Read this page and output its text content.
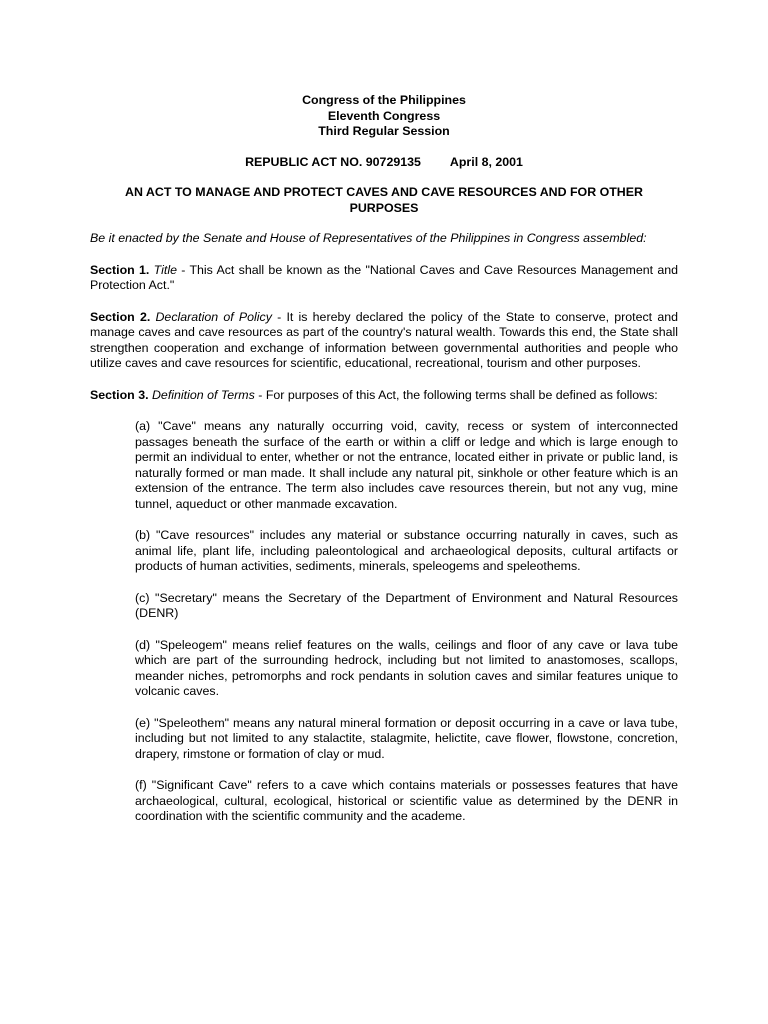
Congress of the Philippines
Eleventh Congress
Third Regular Session
REPUBLIC ACT NO. 90729135 April 8, 2001
AN ACT TO MANAGE AND PROTECT CAVES AND CAVE RESOURCES AND FOR OTHER PURPOSES
Be it enacted by the Senate and House of Representatives of the Philippines in Congress assembled:

Section 1. Title - This Act shall be known as the "National Caves and Cave Resources Management and Protection Act."

Section 2. Declaration of Policy - It is hereby declared the policy of the State to conserve, protect and manage caves and cave resources as part of the country's natural wealth. Towards this end, the State shall strengthen cooperation and exchange of information between governmental authorities and people who utilize caves and cave resources for scientific, educational, recreational, tourism and other purposes.

Section 3. Definition of Terms - For purposes of this Act, the following terms shall be defined as follows:

(a) "Cave" means any naturally occurring void, cavity, recess or system of interconnected passages beneath the surface of the earth or within a cliff or ledge and which is large enough to permit an individual to enter, whether or not the entrance, located either in private or public land, is naturally formed or man made. It shall include any natural pit, sinkhole or other feature which is an extension of the entrance. The term also includes cave resources therein, but not any vug, mine tunnel, aqueduct or other manmade excavation.

(b) "Cave resources" includes any material or substance occurring naturally in caves, such as animal life, plant life, including paleontological and archaeological deposits, cultural artifacts or products of human activities, sediments, minerals, speleogems and speleothems.

(c) "Secretary" means the Secretary of the Department of Environment and Natural Resources (DENR)

(d) "Speleogem" means relief features on the walls, ceilings and floor of any cave or lava tube which are part of the surrounding hedrock, including but not limited to anastomoses, scallops, meander niches, petromorphs and rock pendants in solution caves and similar features unique to volcanic caves.

(e) "Speleothem" means any natural mineral formation or deposit occurring in a cave or lava tube, including but not limited to any stalactite, stalagmite, helictite, cave flower, flowstone, concretion, drapery, rimstone or formation of clay or mud.

(f) "Significant Cave" refers to a cave which contains materials or possesses features that have archaeological, cultural, ecological, historical or scientific value as determined by the DENR in coordination with the scientific community and the academe.
